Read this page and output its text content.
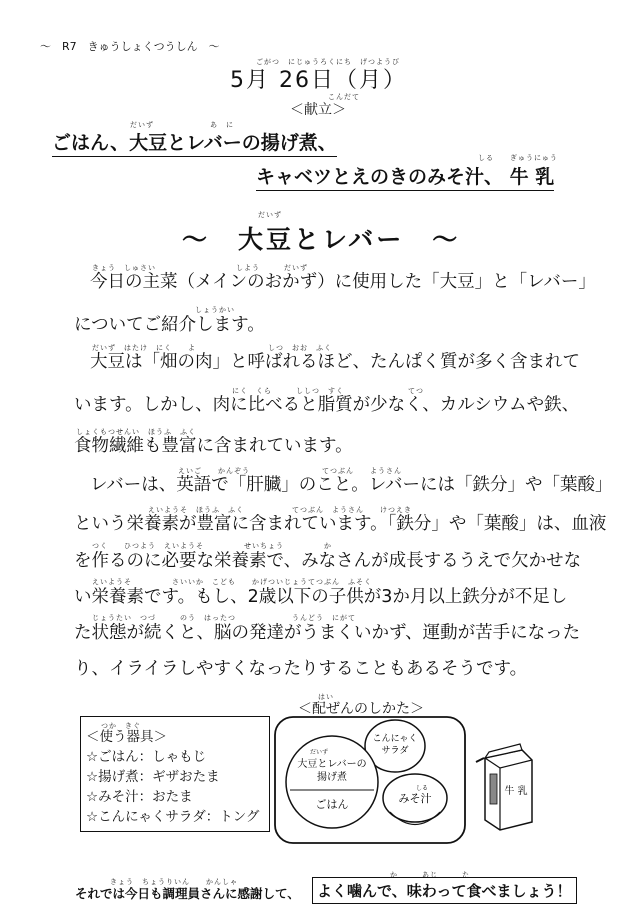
～　R7　きゅうしょくつうしん　～
ごがつ　にじゅうろくにち　げつようび
5月 26日（月）
こんだて
＜献立＞
だいず　　　　　　　あ　に
ごはん、大豆とレバーの揚げ煮、
しる　　ぎゅうにゅう
キャベツとえのきのみそ汁、 牛 乳
だいず
～　大豆とレバー　～
きょう　しゅさい　　　　　　　　　　しよう　　　だいず
今日の主菜（メインのおかず）に使用した「大豆」と「レバー」
しょうかい
についてご紹介します。
だいず　はたけ　にく　　よ　　　　　　　　　しつ　おお　ふく
大豆は「畑の肉」と呼ばれるほど、たんぱく質が多く含まれて
にく　くら　　　ししつ　すく　　　　　　　　てつ
います。しかし、肉に比べると脂質が少なく、カルシウムや鉄、
しょくもつせんい　ほうふ　ふく
食物繊維も豊富に含まれています。
えいご　　かんぞう　　　　　　　　　てつぶん　　ようさん
レバーは、英語で「肝臓」のこと。レバーには「鉄分」や「葉酸」
えいようそ　ほうふ　ふく　　　　　　てつぶん　ようさん　　けつえき
という栄養素が豊富に含まれています。「鉄分」や「葉酸」は、血液
つく　　ひつよう　えいようそ　　　　　せいちょう　　　　　か
を作るのに必要な栄養素で、みなさんが成長するうえで欠かせな
えいようそ　　　　　さいいか　こども　　かげついじょうてつぶん　ふそく
い栄養素です。もし、2歳以下の子供が3か月以上鉄分が不足し
じょうたい　つづ　　　のう　はったつ　　　　　　　うんどう　にがて
た状態が続くと、脳の発達がうまくいかず、運動が苦手になった
り、イライラしやすくなったりすることもあるそうです。
はい
＜配ぜんのしかた＞
つか　きぐ
＜使う器具＞
☆ごはん：しゃもじ
☆揚げ煮：ギザおたま
☆みそ汁：おたま
☆こんにゃくサラダ：トング
こんにゃく
サラダ
だいず
大豆とレバーの
揚げ煮
ごはん
しる
みそ汁
牛 乳
きょう　ちょうりいん　　かんしゃ
それでは今日も調理員さんに感謝して、
か　　　あじ　　　た
よく噛んで、味わって食べましょう！
